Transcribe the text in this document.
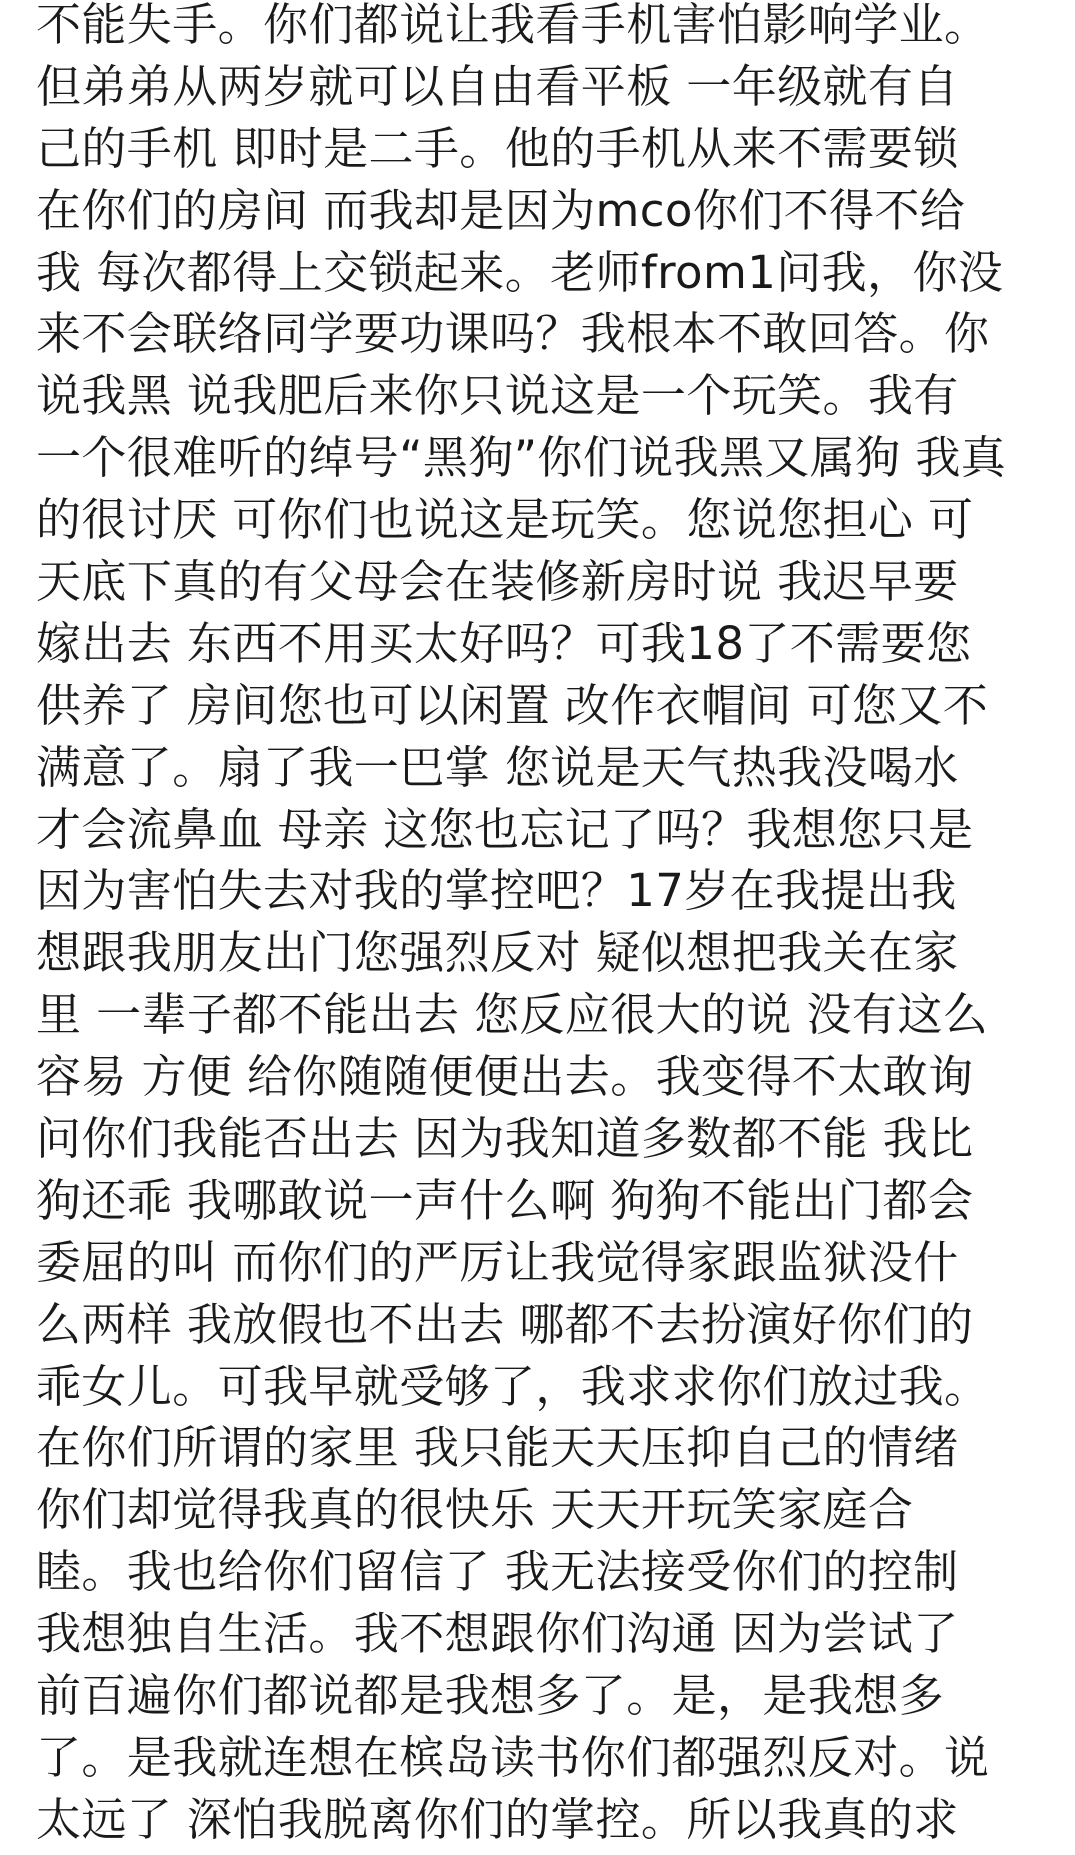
不能失手。你们都说让我看手机害怕影响学业。
但弟弟从两岁就可以自由看平板 一年级就有自
己的手机 即时是二手。他的手机从来不需要锁
在你们的房间 而我却是因为mco你们不得不给
我 每次都得上交锁起来。老师from1问我，你没
来不会联络同学要功课吗？我根本不敢回答。你
说我黑 说我肥后来你只说这是一个玩笑。我有
一个很难听的绰号“黑狗”你们说我黑又属狗 我真
的很讨厌 可你们也说这是玩笑。您说您担心 可
天底下真的有父母会在装修新房时说 我迟早要
嫁出去 东西不用买太好吗？可我18了不需要您
供养了 房间您也可以闲置 改作衣帽间 可您又不
满意了。扇了我一巴掌 您说是天气热我没喝水
才会流鼻血 母亲 这您也忘记了吗？我想您只是
因为害怕失去对我的掌控吧？17岁在我提出我
想跟我朋友出门您强烈反对 疑似想把我关在家
里 一辈子都不能出去 您反应很大的说 没有这么
容易 方便 给你随随便便出去。我变得不太敢询
问你们我能否出去 因为我知道多数都不能 我比
狗还乖 我哪敢说一声什么啊 狗狗不能出门都会
委屈的叫 而你们的严厉让我觉得家跟监狱没什
么两样 我放假也不出去 哪都不去扮演好你们的
乖女儿。可我早就受够了，我求求你们放过我。
在你们所谓的家里 我只能天天压抑自己的情绪
你们却觉得我真的很快乐 天天开玩笑家庭合
睦。我也给你们留信了 我无法接受你们的控制
我想独自生活。我不想跟你们沟通 因为尝试了
前百遍你们都说都是我想多了。是，是我想多
了。是我就连想在槟岛读书你们都强烈反对。说
太远了 深怕我脱离你们的掌控。所以我真的求
